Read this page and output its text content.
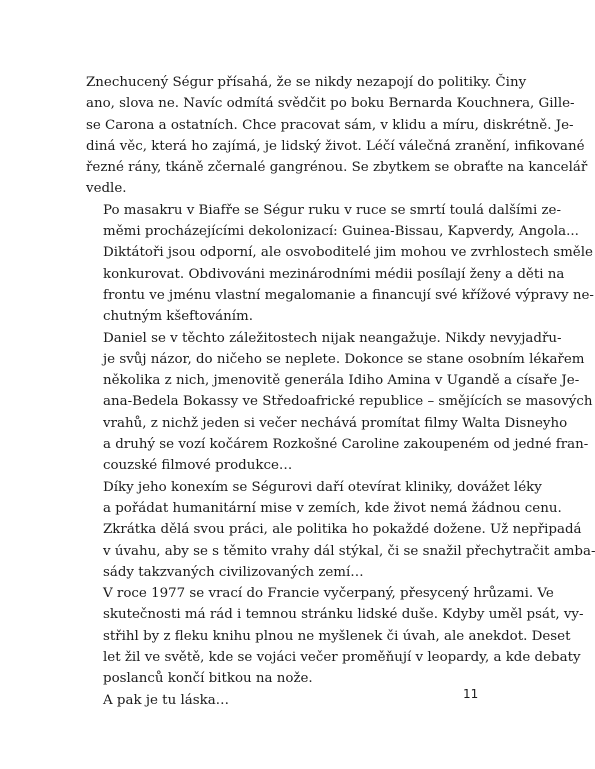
Znechucený Ségur přísahá, že se nikdy nezapojí do politiky. Činy
ano, slova ne. Navíc odmítá svědčit po boku Bernarda Kouchnera, Gille-
se Carona a ostatních. Chce pracovat sám, v klidu a míru, diskrétně. Je-
diná věc, která ho zajímá, je lidský život. Léčí válečná zranění, infikované
řezné rány, tkáně zčernalé gangrénou. Se zbytkem se obraťte na kancelář
vedle.

Po masakru v Biafře se Ségur ruku v ruce se smrtí toulá dalšími ze-
měmi procházejícími dekolonizací: Guinea-Bissau, Kapverdy, Angola...
Diktátoři jsou odporní, ale osvoboditelé jim mohou ve zvrhlostech směle
konkurovat. Obdivováni mezinárodními médii posílají ženy a děti na
frontu ve jménu vlastní megalomanie a financují své křížové výpravy ne-
chutným kšeftováním.

Daniel se v těchto záležitostech nijak neangažuje. Nikdy nevyjadřu-
je svůj názor, do ničeho se neplete. Dokonce se stane osobním lékařem
několika z nich, jmenovitě generála Idiho Amina v Ugandě a císaře Je-
ana-Bedela Bokassy ve Středoafrické republice – smějících se masových
vrahů, z nichž jeden si večer nechává promítat filmy Walta Disneyho
a druhý se vozí kočárem Rozkošné Caroline zakoupeném od jedné fran-
couzské filmové produkce…

Díky jeho konexím se Ségurovi daří otevírat kliniky, dovážet léky
a pořádat humanitární mise v zemích, kde život nemá žádnou cenu.
Zkrátka dělá svou práci, ale politika ho pokaždé dožene. Už nepřipadá
v úvahu, aby se s těmito vrahy dál stýkal, či se snažil přechytračit amba-
sády takzvaných civilizovaných zemí…

V roce 1977 se vrací do Francie vyčerpaný, přesycený hrůzami. Ve
skutečnosti má rád i temnou stránku lidské duše. Kdyby uměl psát, vy-
střihl by z fleku knihu plnou ne myšlenek či úvah, ale anekdot. Deset
let žil ve světě, kde se vojáci večer proměňují v leopardy, a kde debaty
poslanců končí bitkou na nože.

A pak je tu láska…	11
